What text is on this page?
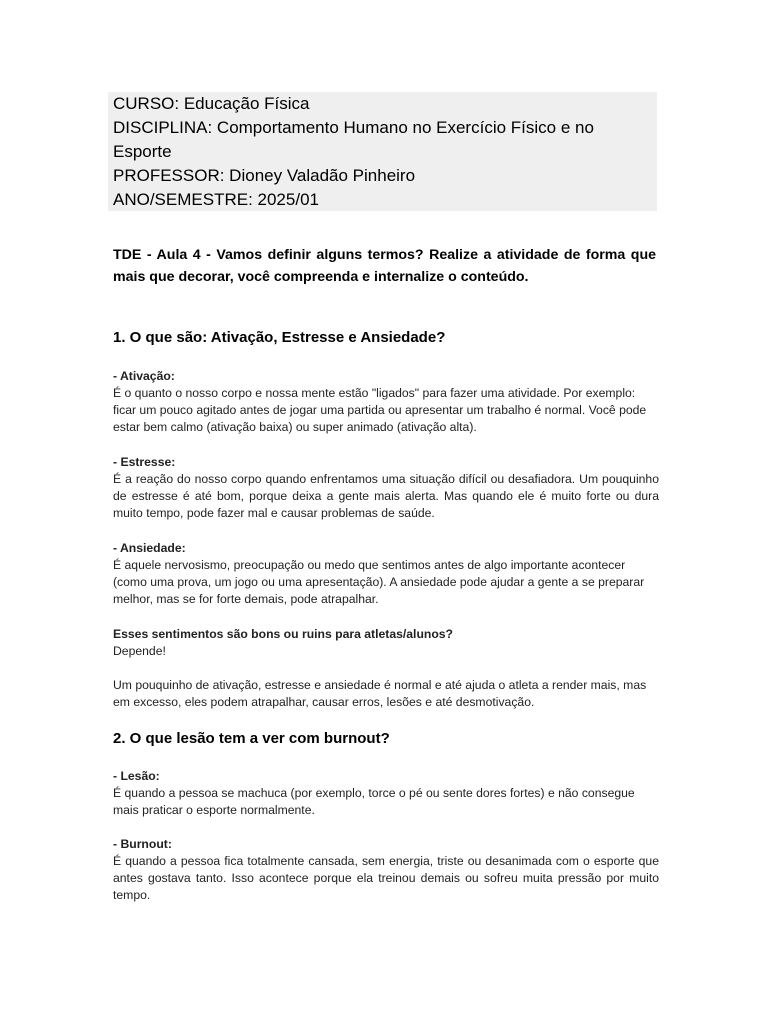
CURSO: Educação Física
DISCIPLINA: Comportamento Humano no Exercício Físico e no
Esporte
PROFESSOR: Dioney Valadão Pinheiro
ANO/SEMESTRE: 2025/01
TDE - Aula 4 - Vamos definir alguns termos? Realize a atividade de forma que mais que decorar, você compreenda e internalize o conteúdo.
1. O que são: Ativação, Estresse e Ansiedade?
- Ativação:
É o quanto o nosso corpo e nossa mente estão "ligados" para fazer uma atividade. Por exemplo: ficar um pouco agitado antes de jogar uma partida ou apresentar um trabalho é normal. Você pode estar bem calmo (ativação baixa) ou super animado (ativação alta).
- Estresse:
É a reação do nosso corpo quando enfrentamos uma situação difícil ou desafiadora. Um pouquinho de estresse é até bom, porque deixa a gente mais alerta. Mas quando ele é muito forte ou dura muito tempo, pode fazer mal e causar problemas de saúde.
- Ansiedade:
É aquele nervosismo, preocupação ou medo que sentimos antes de algo importante acontecer (como uma prova, um jogo ou uma apresentação). A ansiedade pode ajudar a gente a se preparar melhor, mas se for forte demais, pode atrapalhar.
Esses sentimentos são bons ou ruins para atletas/alunos?
Depende!
Um pouquinho de ativação, estresse e ansiedade é normal e até ajuda o atleta a render mais, mas em excesso, eles podem atrapalhar, causar erros, lesões e até desmotivação.
2. O que lesão tem a ver com burnout?
- Lesão:
É quando a pessoa se machuca (por exemplo, torce o pé ou sente dores fortes) e não consegue mais praticar o esporte normalmente.
- Burnout:
É quando a pessoa fica totalmente cansada, sem energia, triste ou desanimada com o esporte que antes gostava tanto. Isso acontece porque ela treinou demais ou sofreu muita pressão por muito tempo.
